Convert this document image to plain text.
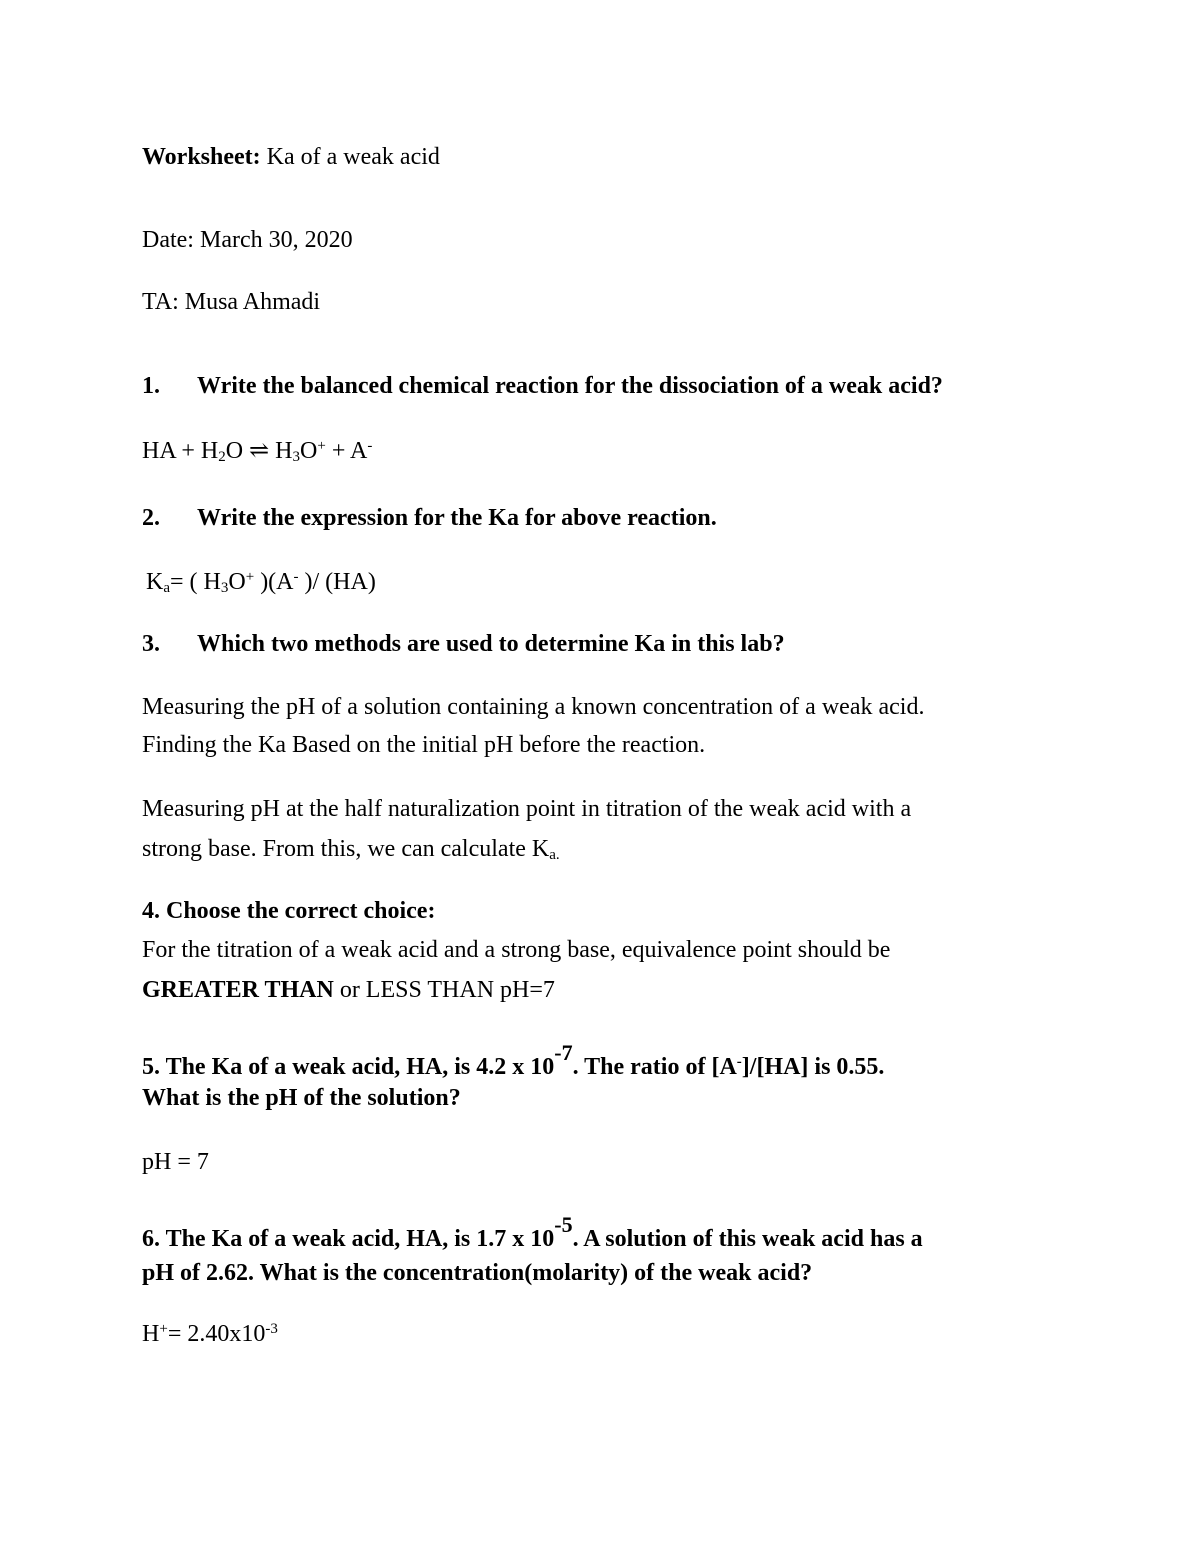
Worksheet: Ka of a weak acid
Date: March 30, 2020
TA: Musa Ahmadi
1. Write the balanced chemical reaction for the dissociation of a weak acid?
HA + $H_2O$ ⇌ $H_3O^+ + A^-$
2. Write the expression for the Ka for above reaction.
$K_a=$ ( $H_3O^+$ )(A- )/ (HA)
3. Which two methods are used to determine Ka in this lab?
Measuring the pH of a solution containing a known concentration of a weak acid.
Finding the Ka Based on the initial pH before the reaction.
Measuring pH at the half naturalization point in titration of the weak acid with a
strong base. From this, we can calculate $K_{a.}$
4. Choose the correct choice:
For the titration of a weak acid and a strong base, equivalence point should be
GREATER THAN or LESS THAN pH=7
5. The Ka of a weak acid, HA, is 4.2 x 10-7. The ratio of [A-]/[HA] is 0.55.
What is the pH of the solution?
pH = 7
6. The Ka of a weak acid, HA, is 1.7 x 10-5. A solution of this weak acid has a
pH of 2.62. What is the concentration(molarity) of the weak acid?
$H^+= 2.40x10^{-3}$
